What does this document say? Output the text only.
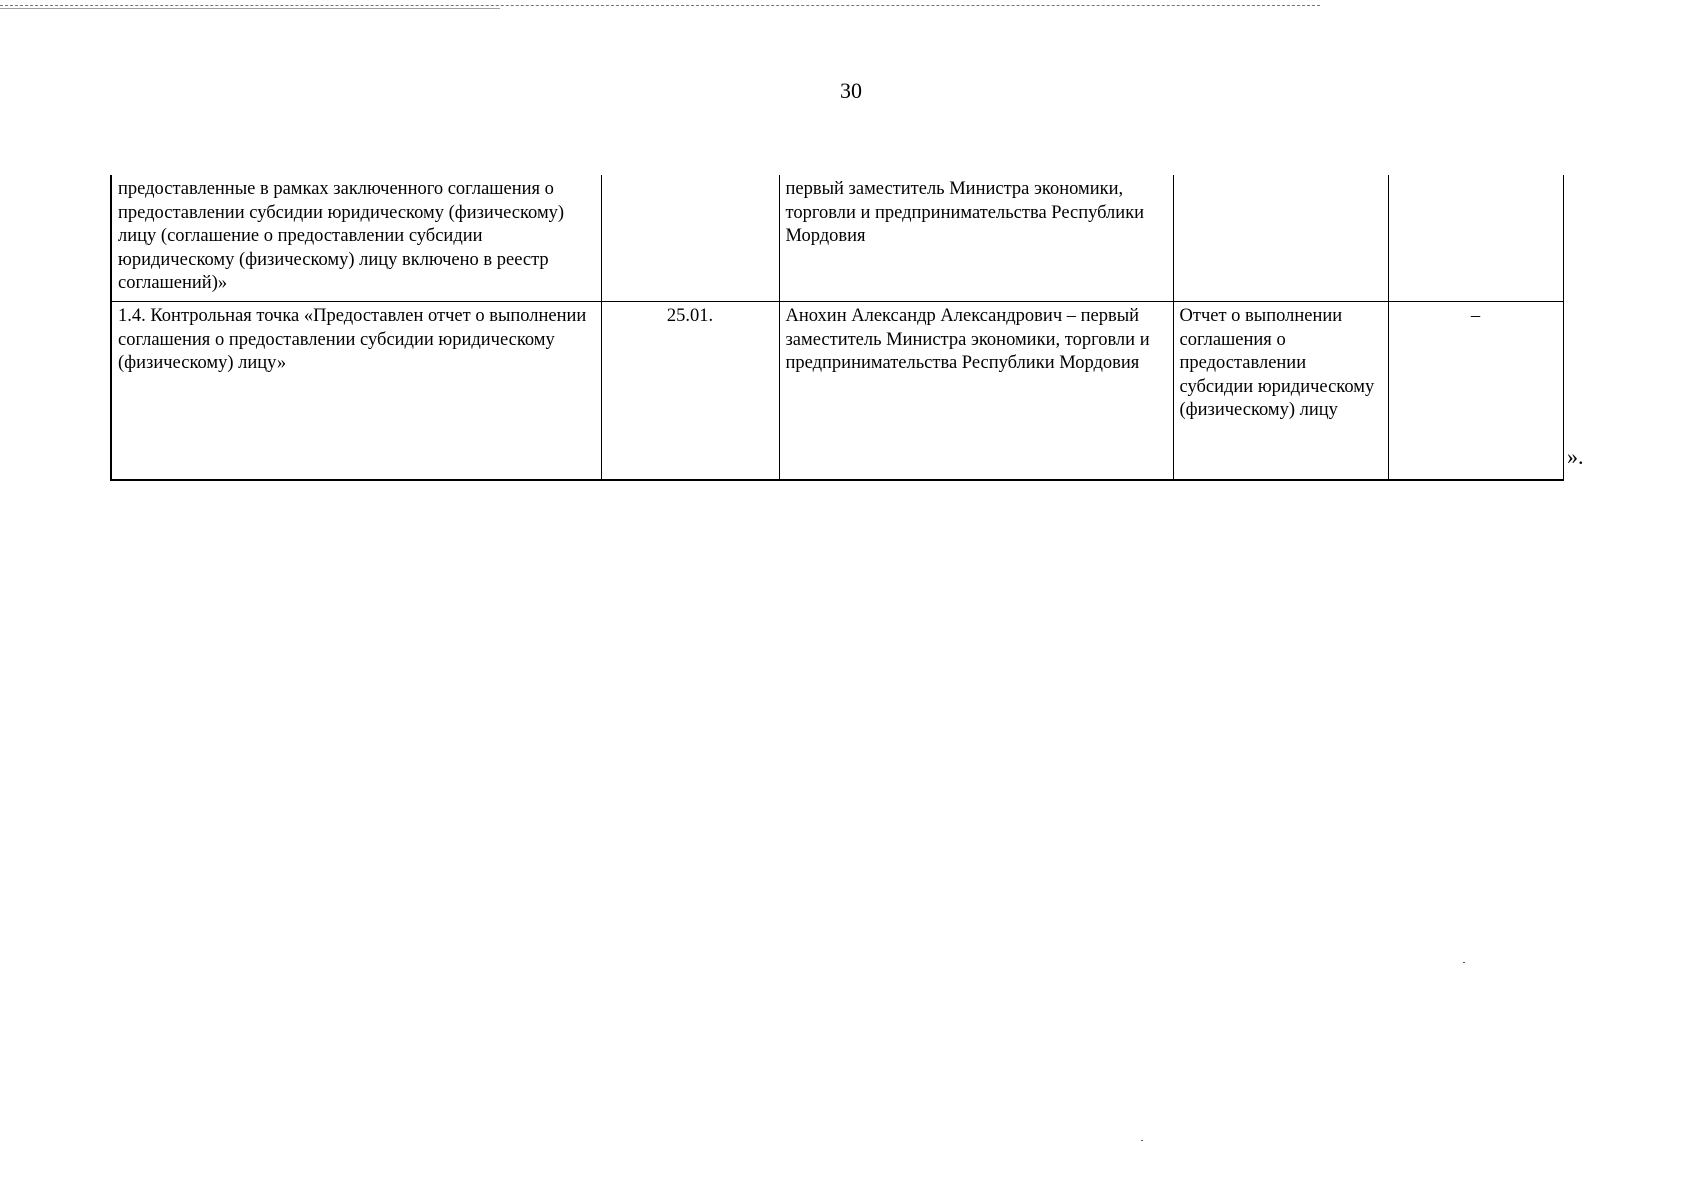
30
предоставленные в рамках заключенного соглашения о предоставлении субсидии юридическому (физическому) лицу (соглашение о предоставлении субсидии юридическому (физическому) лицу включено в реестр соглашений)»		первый заместитель Министра экономики, торговли и предпринимательства Республики Мордовия		
1.4. Контрольная точка «Предоставлен отчет о выполнении соглашения о предоставлении субсидии юридическому (физическому) лицу»	25.01.	Анохин Александр Александрович – первый заместитель Министра экономики, торговли и предпринимательства Республики Мордовия	Отчет о выполнении соглашения о предоставлении субсидии юридическому (физическому) лицу	–
».
